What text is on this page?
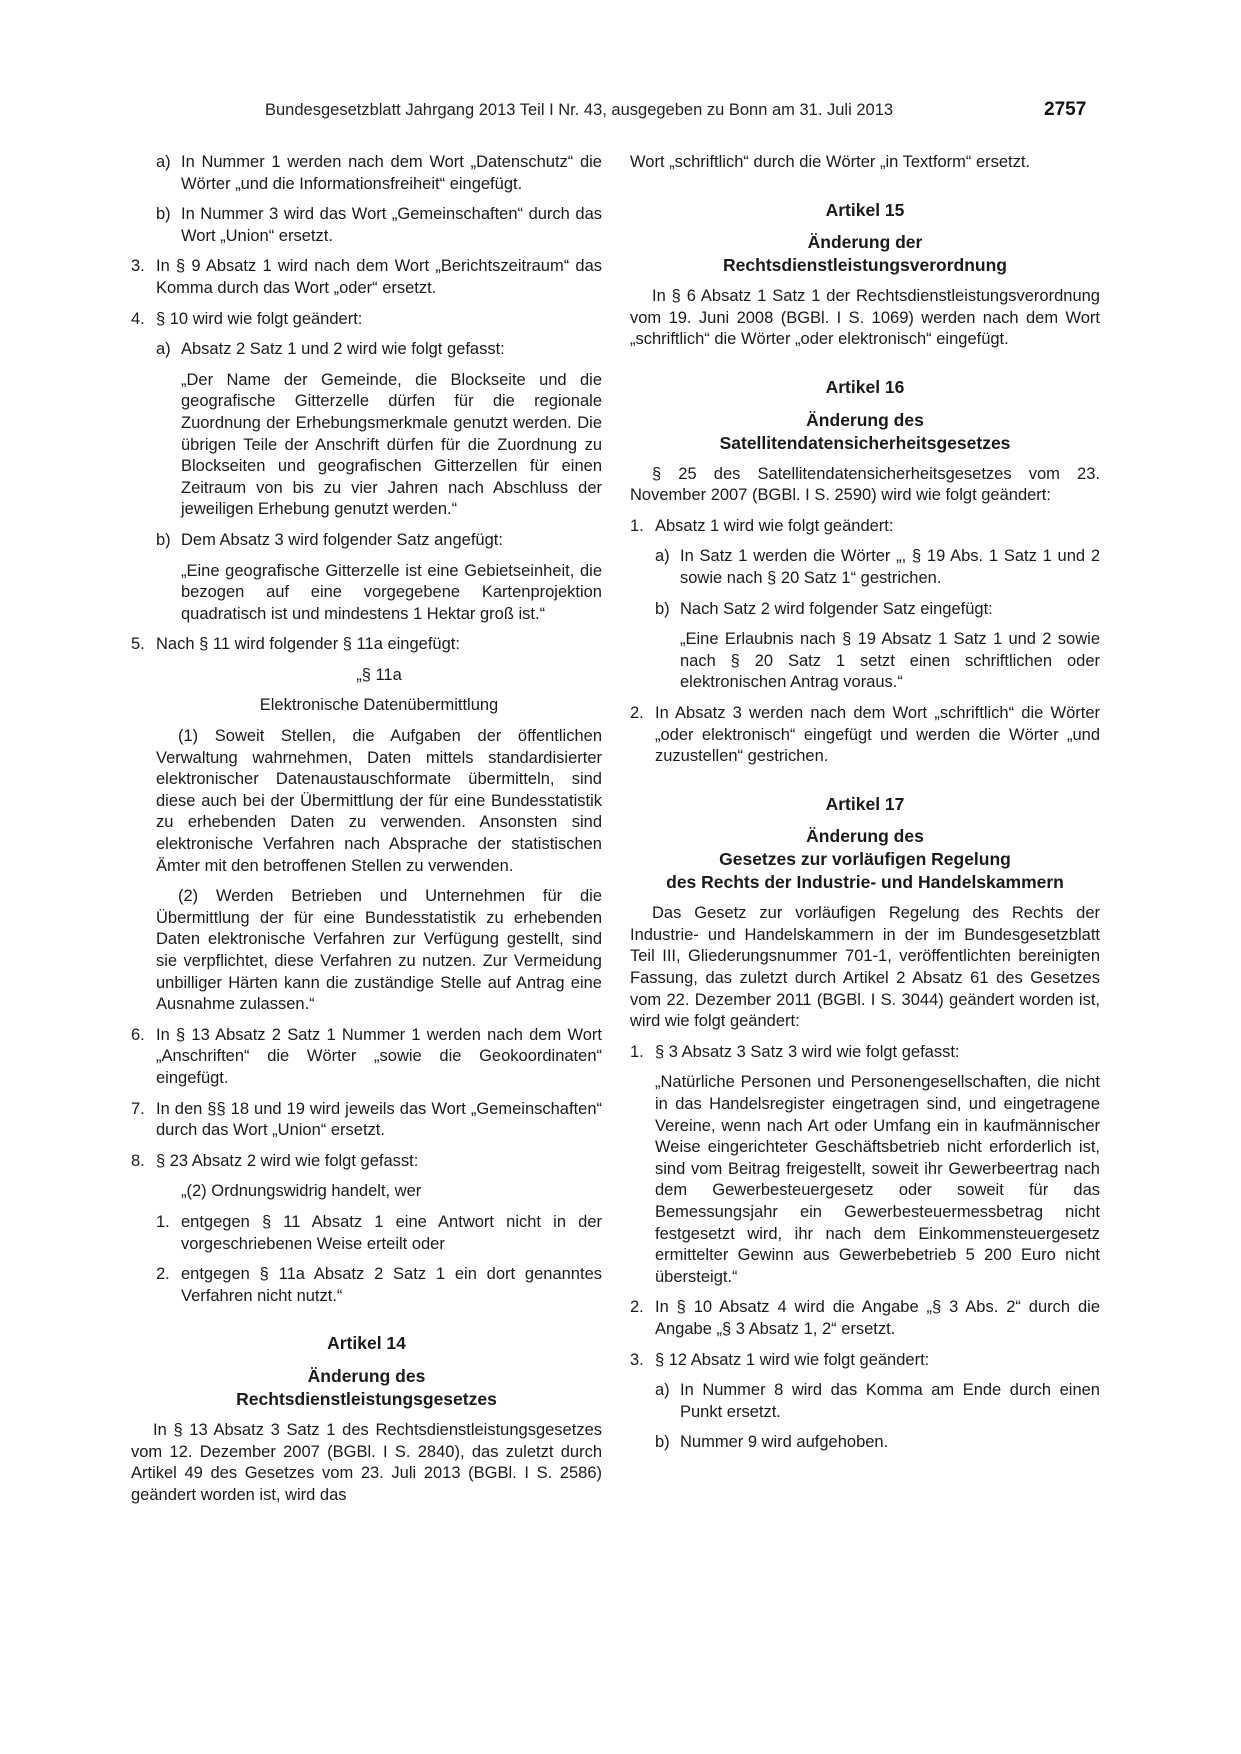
Bundesgesetzblatt Jahrgang 2013 Teil I Nr. 43, ausgegeben zu Bonn am 31. Juli 2013	2757
a) In Nummer 1 werden nach dem Wort „Datenschutz“ die Wörter „und die Informationsfreiheit“ eingefügt.
b) In Nummer 3 wird das Wort „Gemeinschaften“ durch das Wort „Union“ ersetzt.
3. In § 9 Absatz 1 wird nach dem Wort „Berichtszeitraum“ das Komma durch das Wort „oder“ ersetzt.
4. § 10 wird wie folgt geändert:
a) Absatz 2 Satz 1 und 2 wird wie folgt gefasst:
„Der Name der Gemeinde, die Blockseite und die geografische Gitterzelle dürfen für die regionale Zuordnung der Erhebungsmerkmale genutzt werden. Die übrigen Teile der Anschrift dürfen für die Zuordnung zu Blockseiten und geografischen Gitterzellen für einen Zeitraum von bis zu vier Jahren nach Abschluss der jeweiligen Erhebung genutzt werden.“
b) Dem Absatz 3 wird folgender Satz angefügt:
„Eine geografische Gitterzelle ist eine Gebietseinheit, die bezogen auf eine vorgegebene Kartenprojektion quadratisch ist und mindestens 1 Hektar groß ist.“
5. Nach § 11 wird folgender § 11a eingefügt:
„§ 11a
Elektronische Datenübermittlung
(1) Soweit Stellen, die Aufgaben der öffentlichen Verwaltung wahrnehmen, Daten mittels standardisierter elektronischer Datenaustauschformate übermitteln, sind diese auch bei der Übermittlung der für eine Bundesstatistik zu erhebenden Daten zu verwenden. Ansonsten sind elektronische Verfahren nach Absprache der statistischen Ämter mit den betroffenen Stellen zu verwenden.
(2) Werden Betrieben und Unternehmen für die Übermittlung der für eine Bundesstatistik zu erhebenden Daten elektronische Verfahren zur Verfügung gestellt, sind sie verpflichtet, diese Verfahren zu nutzen. Zur Vermeidung unbilliger Härten kann die zuständige Stelle auf Antrag eine Ausnahme zulassen.“
6. In § 13 Absatz 2 Satz 1 Nummer 1 werden nach dem Wort „Anschriften“ die Wörter „sowie die Geokoordinaten“ eingefügt.
7. In den §§ 18 und 19 wird jeweils das Wort „Gemeinschaften“ durch das Wort „Union“ ersetzt.
8. § 23 Absatz 2 wird wie folgt gefasst:
„(2) Ordnungswidrig handelt, wer
1. entgegen § 11 Absatz 1 eine Antwort nicht in der vorgeschriebenen Weise erteilt oder
2. entgegen § 11a Absatz 2 Satz 1 ein dort genanntes Verfahren nicht nutzt.“
Artikel 14
Änderung des
Rechtsdienstleistungsgesetzes
In § 13 Absatz 3 Satz 1 des Rechtsdienstleistungsgesetzes vom 12. Dezember 2007 (BGBl. I S. 2840), das zuletzt durch Artikel 49 des Gesetzes vom 23. Juli 2013 (BGBl. I S. 2586) geändert worden ist, wird das
Wort „schriftlich“ durch die Wörter „in Textform“ ersetzt.
Artikel 15
Änderung der
Rechtsdienstleistungsverordnung
In § 6 Absatz 1 Satz 1 der Rechtsdienstleistungsverordnung vom 19. Juni 2008 (BGBl. I S. 1069) werden nach dem Wort „schriftlich“ die Wörter „oder elektronisch“ eingefügt.
Artikel 16
Änderung des
Satellitendatensicherheitsgesetzes
§ 25 des Satellitendatensicherheitsgesetzes vom 23. November 2007 (BGBl. I S. 2590) wird wie folgt geändert:
1. Absatz 1 wird wie folgt geändert:
a) In Satz 1 werden die Wörter „, § 19 Abs. 1 Satz 1 und 2 sowie nach § 20 Satz 1“ gestrichen.
b) Nach Satz 2 wird folgender Satz eingefügt:
„Eine Erlaubnis nach § 19 Absatz 1 Satz 1 und 2 sowie nach § 20 Satz 1 setzt einen schriftlichen oder elektronischen Antrag voraus.“
2. In Absatz 3 werden nach dem Wort „schriftlich“ die Wörter „oder elektronisch“ eingefügt und werden die Wörter „und zuzustellen“ gestrichen.
Artikel 17
Änderung des
Gesetzes zur vorläufigen Regelung
des Rechts der Industrie- und Handelskammern
Das Gesetz zur vorläufigen Regelung des Rechts der Industrie- und Handelskammern in der im Bundesgesetzblatt Teil III, Gliederungsnummer 701-1, veröffentlichten bereinigten Fassung, das zuletzt durch Artikel 2 Absatz 61 des Gesetzes vom 22. Dezember 2011 (BGBl. I S. 3044) geändert worden ist, wird wie folgt geändert:
1. § 3 Absatz 3 Satz 3 wird wie folgt gefasst:
„Natürliche Personen und Personengesellschaften, die nicht in das Handelsregister eingetragen sind, und eingetragene Vereine, wenn nach Art oder Umfang ein in kaufmännischer Weise eingerichteter Geschäftsbetrieb nicht erforderlich ist, sind vom Beitrag freigestellt, soweit ihr Gewerbeertrag nach dem Gewerbesteuergesetz oder soweit für das Bemessungsjahr ein Gewerbesteuermessbetrag nicht festgesetzt wird, ihr nach dem Einkommensteuergesetz ermittelter Gewinn aus Gewerbebetrieb 5 200 Euro nicht übersteigt.“
2. In § 10 Absatz 4 wird die Angabe „§ 3 Abs. 2“ durch die Angabe „§ 3 Absatz 1, 2“ ersetzt.
3. § 12 Absatz 1 wird wie folgt geändert:
a) In Nummer 8 wird das Komma am Ende durch einen Punkt ersetzt.
b) Nummer 9 wird aufgehoben.
